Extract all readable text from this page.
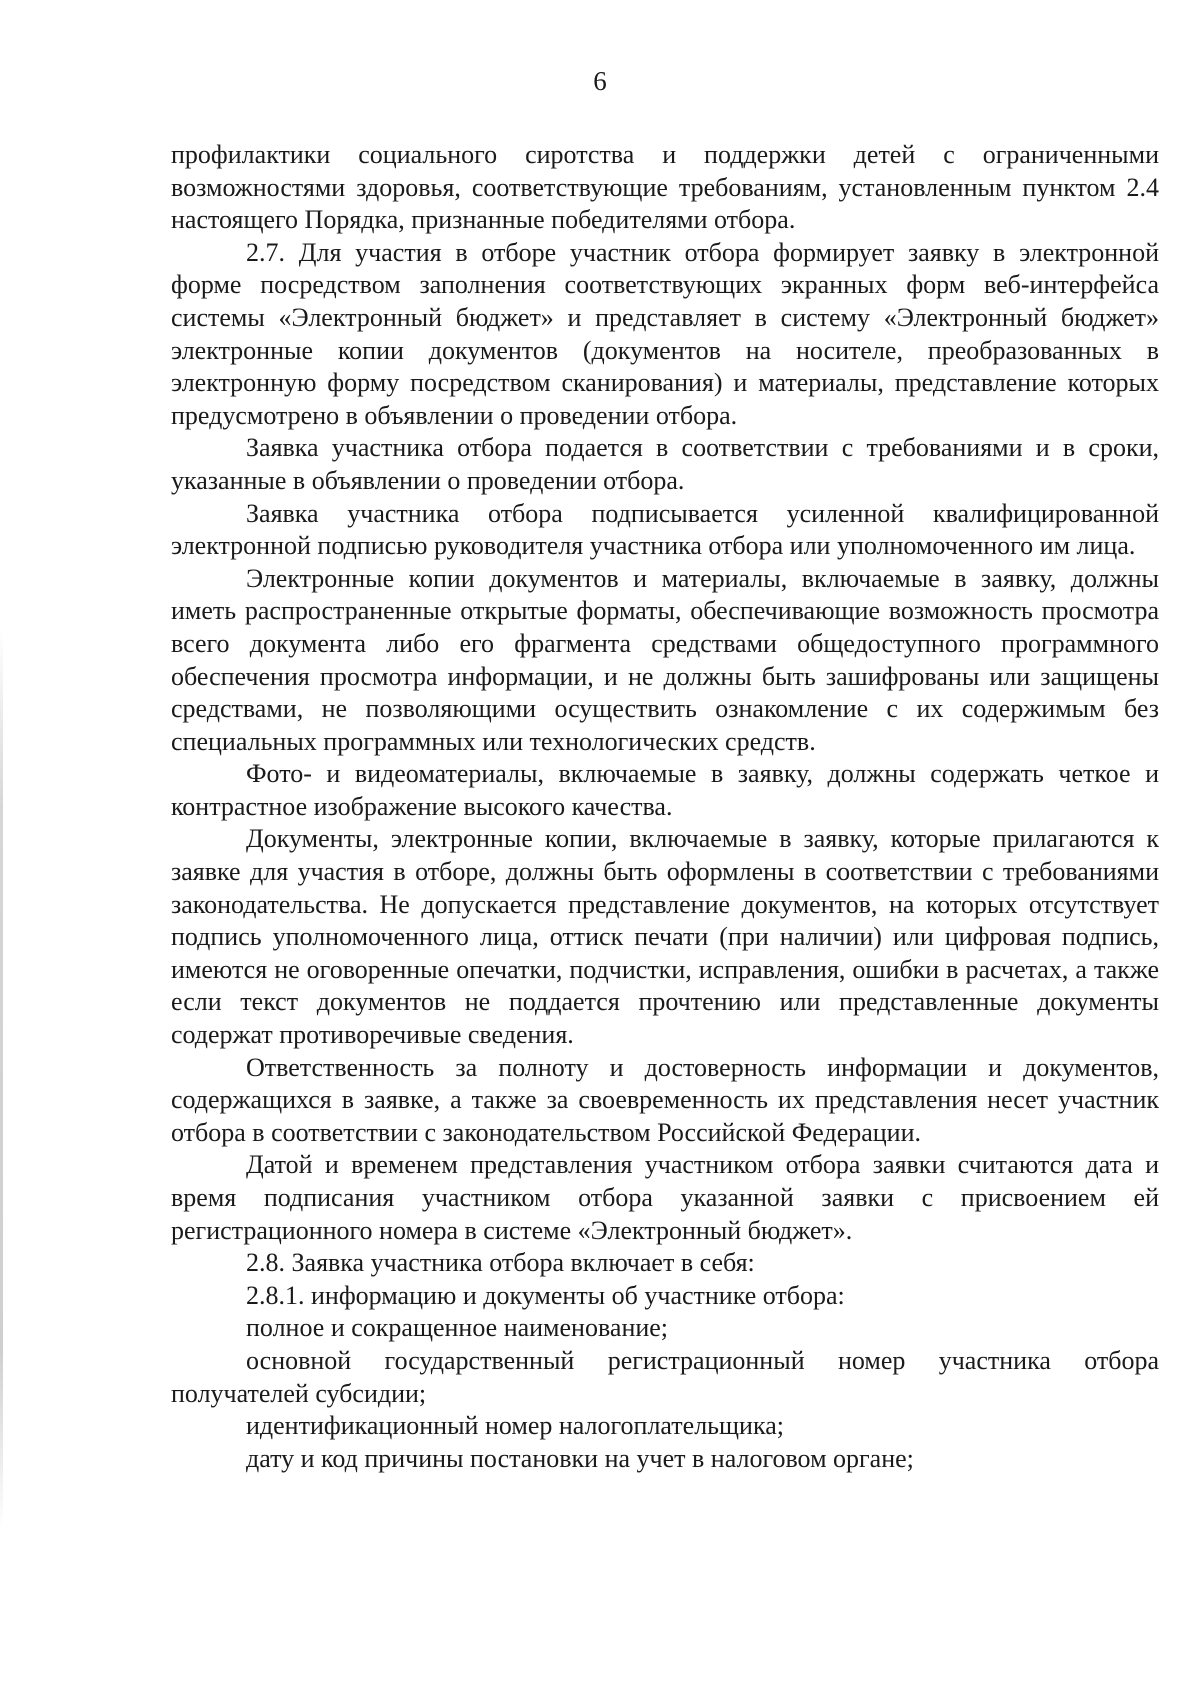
6

профилактики социального сиротства и поддержки детей с ограниченными возможностями здоровья, соответствующие требованиям, установленным пунктом 2.4 настоящего Порядка, признанные победителями отбора.

2.7. Для участия в отборе участник отбора формирует заявку в электронной форме посредством заполнения соответствующих экранных форм веб-интерфейса системы «Электронный бюджет» и представляет в систему «Электронный бюджет» электронные копии документов (документов на носителе, преобразованных в электронную форму посредством сканирования) и материалы, представление которых предусмотрено в объявлении о проведении отбора.

Заявка участника отбора подается в соответствии с требованиями и в сроки, указанные в объявлении о проведении отбора.

Заявка участника отбора подписывается усиленной квалифицированной электронной подписью руководителя участника отбора или уполномоченного им лица.

Электронные копии документов и материалы, включаемые в заявку, должны иметь распространенные открытые форматы, обеспечивающие возможность просмотра всего документа либо его фрагмента средствами общедоступного программного обеспечения просмотра информации, и не должны быть зашифрованы или защищены средствами, не позволяющими осуществить ознакомление с их содержимым без специальных программных или технологических средств.

Фото- и видеоматериалы, включаемые в заявку, должны содержать четкое и контрастное изображение высокого качества.

Документы, электронные копии, включаемые в заявку, которые прилагаются к заявке для участия в отборе, должны быть оформлены в соответствии с требованиями законодательства. Не допускается представление документов, на которых отсутствует подпись уполномоченного лица, оттиск печати (при наличии) или цифровая подпись, имеются не оговоренные опечатки, подчистки, исправления, ошибки в расчетах, а также если текст документов не поддается прочтению или представленные документы содержат противоречивые сведения.

Ответственность за полноту и достоверность информации и документов, содержащихся в заявке, а также за своевременность их представления несет участник отбора в соответствии с законодательством Российской Федерации.

Датой и временем представления участником отбора заявки считаются дата и время подписания участником отбора указанной заявки с присвоением ей регистрационного номера в системе «Электронный бюджет».

2.8. Заявка участника отбора включает в себя:

2.8.1. информацию и документы об участнике отбора:

полное и сокращенное наименование;

основной государственный регистрационный номер участника отбора получателей субсидии;

идентификационный номер налогоплательщика;

дату и код причины постановки на учет в налоговом органе;
